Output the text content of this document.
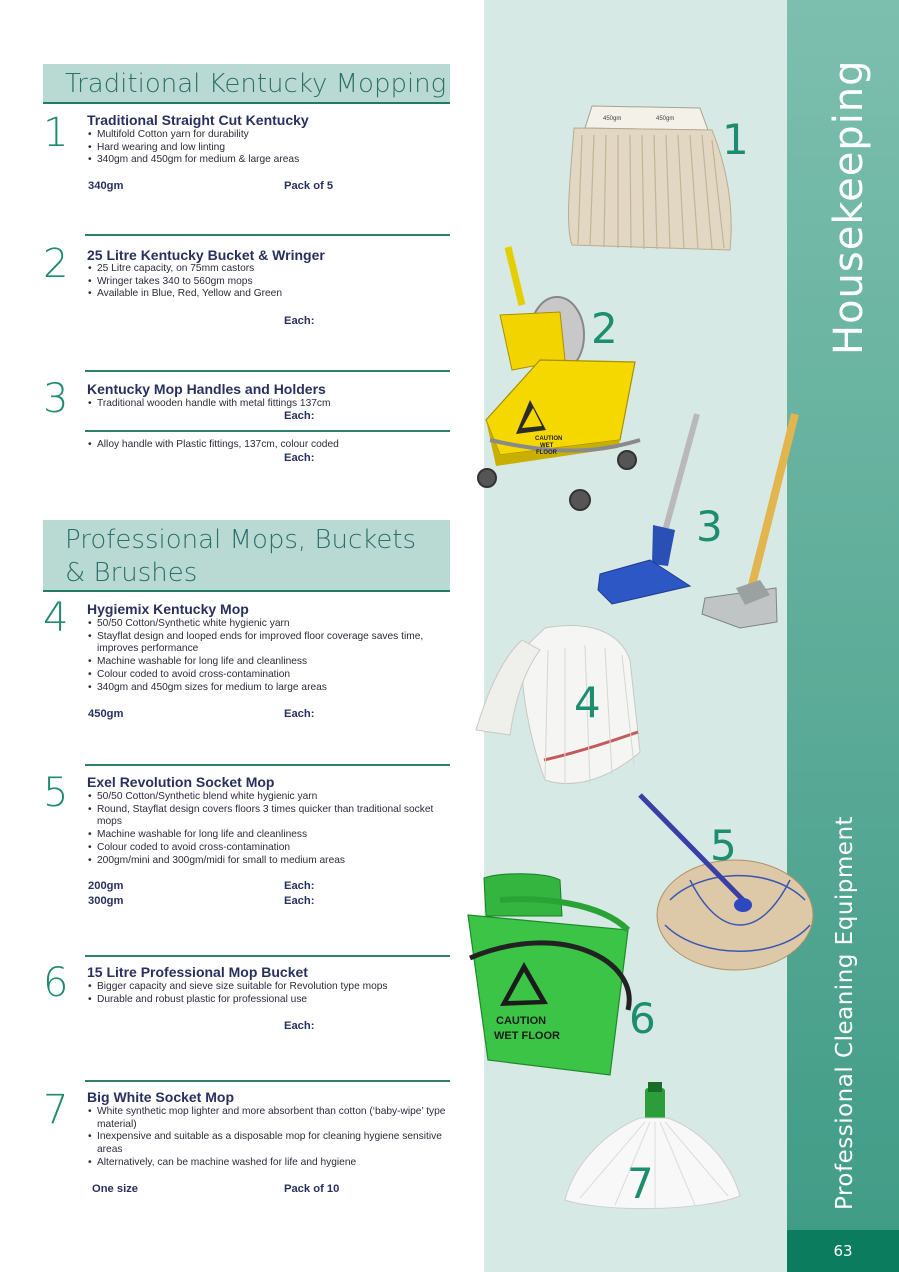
63
Housekeeping
Professional Cleaning Equipment
Traditional Kentucky Mopping
1 Traditional Straight Cut Kentucky
• Multifold Cotton yarn for durability
• Hard wearing and low linting
• 340gm and 450gm for medium & large areas
340gm	Pack of 5
2 25 Litre Kentucky Bucket & Wringer
• 25 Litre capacity, on 75mm castors
• Wringer takes 340 to 560gm mops
• Available in Blue, Red, Yellow and Green
Each:
3 Kentucky Mop Handles and Holders
• Traditional wooden handle with metal fittings 137cm
Each:
• Alloy handle with Plastic fittings, 137cm, colour coded
Each:
Professional Mops, Buckets
& Brushes
4 Hygiemix Kentucky Mop
• 50/50 Cotton/Synthetic white hygienic yarn
• Stayflat design and looped ends for improved floor coverage saves time, improves performance
• Machine washable for long life and cleanliness
• Colour coded to avoid cross-contamination
• 340gm and 450gm sizes for medium to large areas
450gm	Each:
5 Exel Revolution Socket Mop
• 50/50 Cotton/Synthetic blend white hygienic yarn
• Round, Stayflat design covers floors 3 times quicker than traditional socket mops
• Machine washable for long life and cleanliness
• Colour coded to avoid cross-contamination
• 200gm/mini and 300gm/midi for small to medium areas
200gm	Each:
300gm	Each:
6 15 Litre Professional Mop Bucket
• Bigger capacity and sieve size suitable for Revolution type mops
• Durable and robust plastic for professional use
Each:
7 Big White Socket Mop
• White synthetic mop lighter and more absorbent than cotton (‘baby-wipe’ type material)
• Inexpensive and suitable as a disposable mop for cleaning hygiene sensitive areas
• Alternatively, can be machine washed for life and hygiene
One size	Pack of 10
450gm	450gm 1
CAUTION
WET
FLOOR
2
3
4
5
CAUTION
WET FLOOR 6
7
